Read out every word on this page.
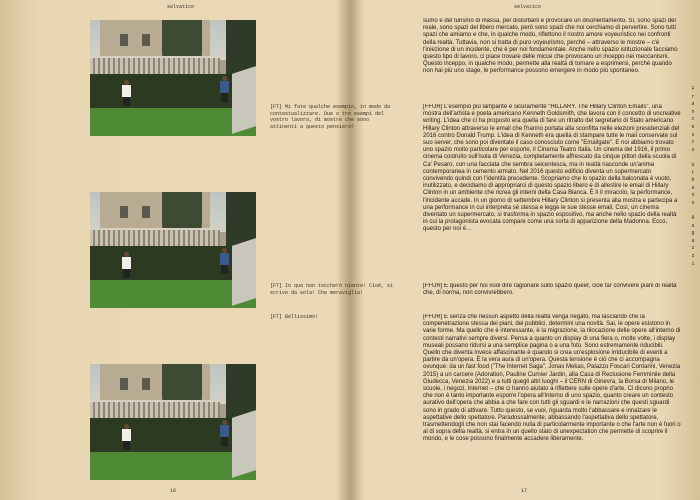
selvatico
16
selvatico
17
sumo e del turismo di massa, per disturbarli e provocare un disorientamento. Sì, sono spazi del reale, sono spazi del libero mercato, però sono spazi che noi cerchiamo di pervertire. Sono tutti spazi che amiamo e che, in qualche modo, riflettono il nostro amore voyeuristico nei confronti della realtà. Tuttavia, non si tratta di puro voyeurismo, perché – attraverso le mostre – c'è l'iniezione di un incidente, che è per noi fondamentale. Anche nello spazio istituzionale facciamo questo tipo di lavoro, ci piace trovare delle micce che provocano un inceppo nei meccanismi. Questo inceppo, in qualche modo, permette alla realtà di tornare a esprimersi, perché quando non hai più uno stage, le performance possono emergere in modo più spontaneo.
[FT] Mi fate qualche esempio, in modo da contestualizzare. Due o tre esempi del vostro lavoro, di mostre che sono attinenti a questo pensiero?
[FFUR] L'esempio più lampante è sicuramente "HILLARY. The Hillary Clinton Emails", una mostra dell'artista e poeta americano Kenneth Goldsmith, che lavora con il concetto di uncreative writing. L'idea che ci ha proposto era quella di fare un ritratto del segretario di Stato americano Hillary Clinton attraverso le email che l'hanno portata alla sconfitta nelle elezioni presidenziali del 2016 contro Donald Trump. L'idea di Kenneth era quella di stampare tutte le mail conservate sul suo server, che sono poi diventate il caso conosciuto come "Emailgate". E noi abbiamo trovato uno spazio molto particolare per esporle, il Cinema Teatro Italia. Un cinema del 1916, il primo cinema costruito sull'isola di Venezia, completamente affrescato da cinque pittori della scuola di Ca' Pesaro, con una facciata che sembra seicentesca, ma in realtà nasconde un'anima contemporanea in cemento armato. Nel 2016 questo edificio diventa un supermercato convivendo quindi con l'identità precedente. Scopriamo che lo spazio della balconata è vuoto, inutilizzato, e decidiamo di appropriarci di questo spazio libero e di allestire le email di Hillary Clinton in un ambiente che ricrea gli interni della Casa Bianca. È lì il miracolo, la performance, l'incidente accade. In un giorno di settembre Hillary Clinton si presenta alla mostra e partecipa a una performance in cui interpreta sé stessa e legge le sue stesse email. Così, un cinema diventato un supermercato, si trasforma in spazio espositivo, ma anche nello spazio della realtà in cui la protagonista evocata compare come una sorta di apparizione della Madonna. Ecco, questo per noi è…
[FT] Io qua non toccherò niente! Cioè, si scrive da sola! Che meraviglia!
[FFUR] È questo per noi vuol dire ragionare sullo spazio queer, cioè far convivere piani di realtà che, di norma, non convivrebbero.
[FT] Bellissimo!	[FFUR] E senza che nessun aspetto della realtà venga negato, ma lasciando che la compenetrazione stessa dei piani, dei pubblici, determini una novità. Sai, le opere esistono in varie forme. Ma quello che è interessante, è la migrazione, la rilocazione delle opere all'interno di contesti narrativi sempre diversi. Pensa a quanto un display di una fiera o, molte volte, i display museali possano ridursi a una semplice pagina o a una foto. Sono estremamente riducibili. Quello che diventa invece affascinante è quando si crea un'esplosione irriducibile di eventi a partire da un'opera. È la vera aura di un'opera. Questa tensione è ciò che ci accompagna ovunque: da un fast food ("The Internet Saga", Jonas Mekas, Palazzo Foscari Contarini, Venezia 2015) a un carcere (Adoration, Pauline Curnier Jardin, alla Casa di Reclusione Femminile della Giudecca, Venezia 2022) e a tutti quegli altri luoghi – il CERN di Ginevra, la Borsa di Milano, le scuole, i negozi, Internet – che ci hanno aiutato a riflettere sulle opere d'arte. Ci dicono proprio che non è tanto importante esporre l'opera all'interno di uno spazio, quanto creare un contesto aurativo dell'opera che abbia a che fare con tutti gli sguardi e le narrazioni che questi sguardi sono in grado di attivare. Tutto questo, se vuoi, riguarda molto l'abbassare e innalzare le aspettative dello spettatore. Paradossalmente, abbassando l'aspettativa dello spettatore, trasmettendogli che non stai facendo nulla di particolarmente importante o che l'arte non è fuori o al di sopra della realtà, si entra in un quello stato di unexpectation che permette di scoprire il mondo, e le cose possono finalmente accadere liberamente.
F
r
a
n
c
e
s
c
o

U
r
b
a
n
o

R
a
g
a
z
z
i
